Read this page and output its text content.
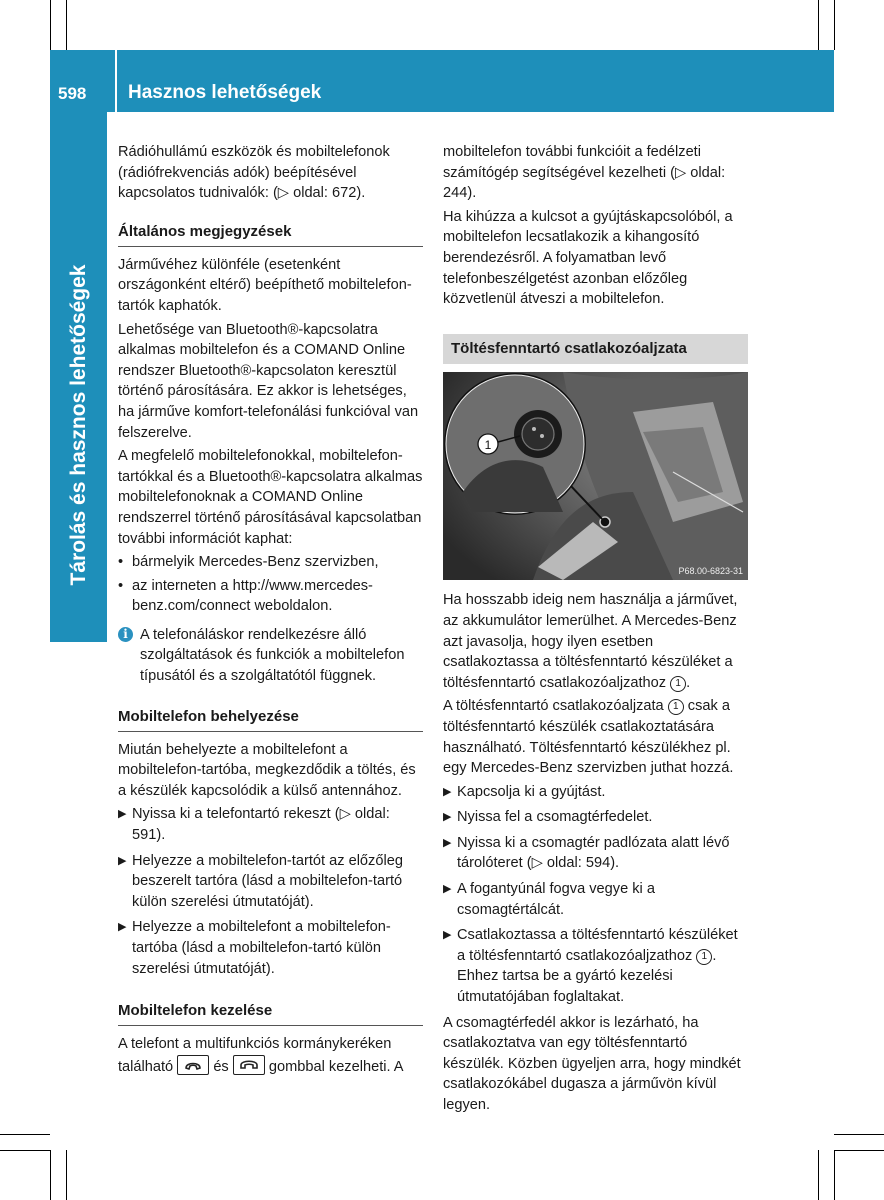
598 Hasznos lehetőségek
Tárolás és hasznos lehetőségek

Rádióhullámú eszközök és mobiltelefonok (rádiófrekvenciás adók) beépítésével kapcsolatos tudnivalók: (▷ oldal: 672).

Általános megjegyzések

Járművéhez különféle (esetenként országonként eltérő) beépíthető mobiltelefon-tartók kaphatók.

Lehetősége van Bluetooth®-kapcsolatra alkalmas mobiltelefon és a COMAND Online rendszer Bluetooth®-kapcsolaton keresztül történő párosítására. Ez akkor is lehetséges, ha járműve komfort-telefonálási funkcióval van felszerelve.

A megfelelő mobiltelefonokkal, mobiltelefon-tartókkal és a Bluetooth®-kapcsolatra alkalmas mobiltelefonoknak a COMAND Online rendszerrel történő párosításával kapcsolatban további információt kaphat:

• bármelyik Mercedes-Benz szervizben,
• az interneten a http://www.mercedes-benz.com/connect weboldalon.
i A telefonáláskor rendelkezésre álló szolgáltatások és funkciók a mobiltelefon típusától és a szolgáltatótól függnek.
Mobiltelefon behelyezése

Miután behelyezte a mobiltelefont a mobiltelefon-tartóba, megkezdődik a töltés, és a készülék kapcsolódik a külső antennához.

▶ Nyissa ki a telefontartó rekeszt (▷ oldal: 591).
▶ Helyezze a mobiltelefon-tartót az előzőleg beszerelt tartóra (lásd a mobiltelefon-tartó külön szerelési útmutatóját).
▶ Helyezze a mobiltelefont a mobiltelefon-tartóba (lásd a mobiltelefon-tartó külön szerelési útmutatóját).
Mobiltelefon kezelése

A telefont a multifunkciós kormánykeréken található	és	gombbal kezelheti. A

mobiltelefon további funkcióit a fedélzeti számítógép segítségével kezelheti (▷ oldal: 244).

Ha kihúzza a kulcsot a gyújtáskapcsolóból, a mobiltelefon lecsatlakozik a kihangosító berendezésről. A folyamatban levő telefonbeszélgetést azonban előzőleg közvetlenül átveszi a mobiltelefon.

Töltésfenntartó csatlakozóaljzata
1
P68.00-6823-31

Ha hosszabb ideig nem használja a járművet, az akkumulátor lemerülhet. A Mercedes-Benz azt javasolja, hogy ilyen esetben csatlakoztassa a töltésfenntartó készüléket a töltésfenntartó csatlakozóaljzathoz 1 .

A töltésfenntartó csatlakozóaljzata 1 csak a töltésfenntartó készülék csatlakoztatására használható. Töltésfenntartó készülékhez pl. egy Mercedes-Benz szervizben juthat hozzá.

▶ Kapcsolja ki a gyújtást.
▶ Nyissa fel a csomagtérfedelet.
▶ Nyissa ki a csomagtér padlózata alatt lévő tárolóteret (▷ oldal: 594).
▶ A fogantyúnál fogva vegye ki a csomagtértálcát.
▶ Csatlakoztassa a töltésfenntartó készüléket a töltésfenntartó csatlakozóaljzathoz 1 . Ehhez tartsa be a gyártó kezelési útmutatójában foglaltakat.

A csomagtérfedél akkor is lezárható, ha csatlakoztatva van egy töltésfenntartó készülék. Közben ügyeljen arra, hogy mindkét csatlakozókábel dugasza a járművön kívül legyen.
